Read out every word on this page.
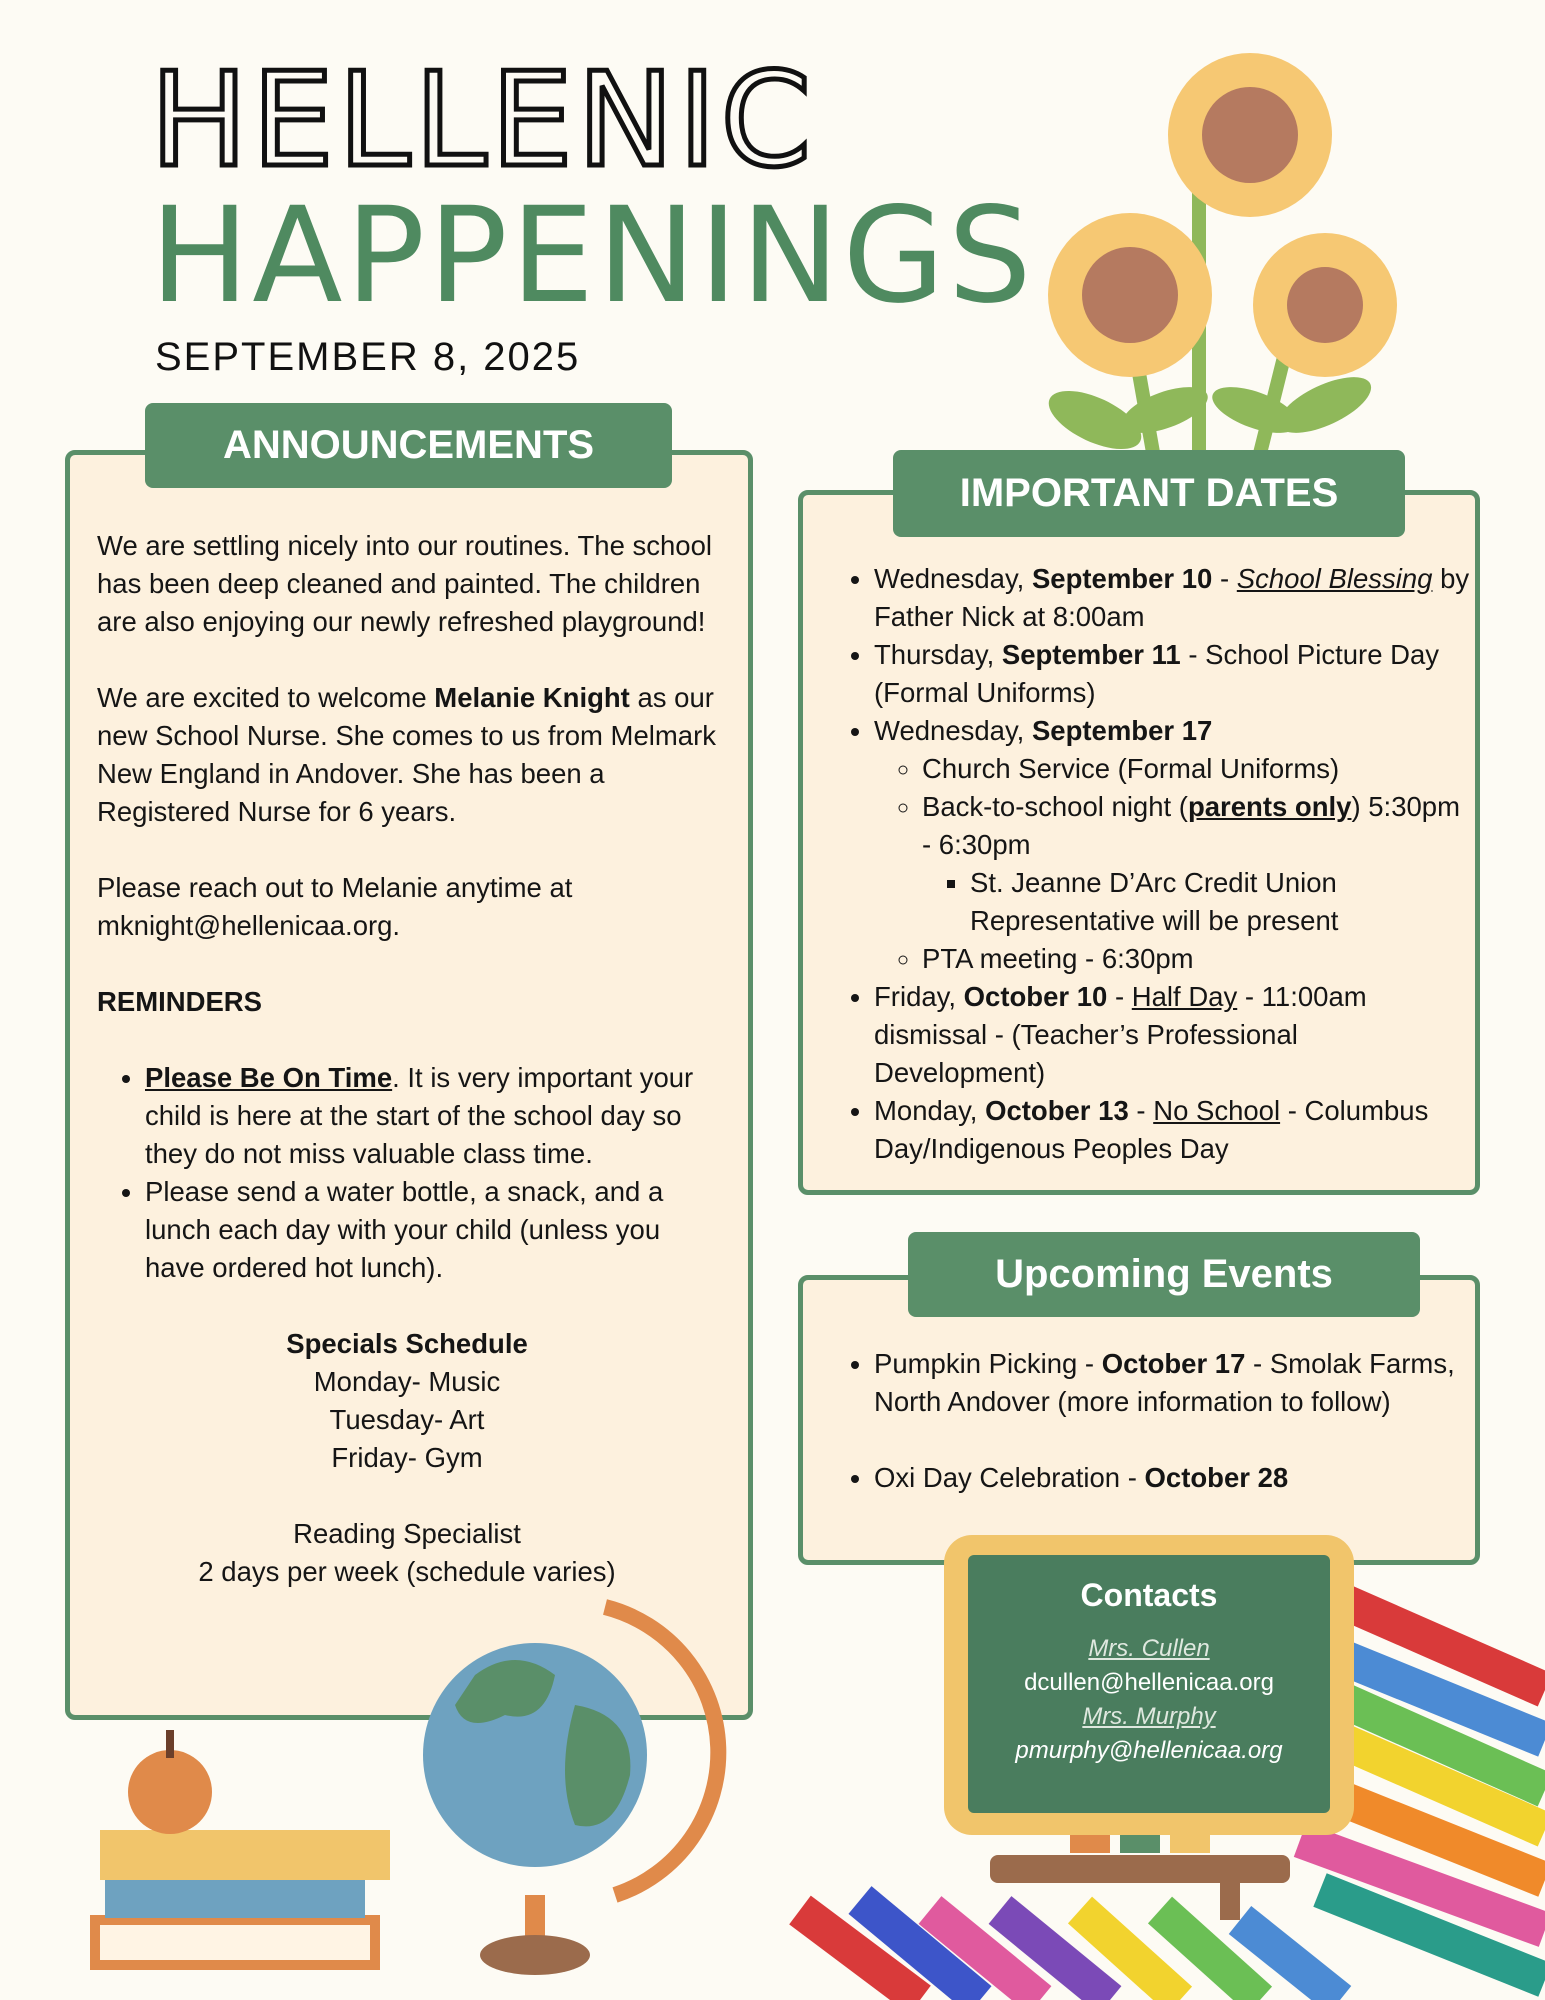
HELLENIC
HAPPENINGS
SEPTEMBER 8, 2025
ANNOUNCEMENTS

We are settling nicely into our routines. The school has been deep cleaned and painted. The children are also enjoying our newly refreshed playground!

We are excited to welcome Melanie Knight as our new School Nurse. She comes to us from Melmark New England in Andover. She has been a Registered Nurse for 6 years.

Please reach out to Melanie anytime at mknight@hellenicaa.org.

REMINDERS
• Please Be On Time. It is very important your child is here at the start of the school day so they do not miss valuable class time.
• Please send a water bottle, a snack, and a lunch each day with your child (unless you have ordered hot lunch).
Specials Schedule
Monday- Music
Tuesday- Art
Friday- Gym
Reading Specialist
2 days per week (schedule varies)
IMPORTANT DATES
• Wednesday, September 10 - School Blessing by Father Nick at 8:00am
• Thursday, September 11 - School Picture Day (Formal Uniforms)
• Wednesday, September 17
◦ Church Service (Formal Uniforms)
◦ Back-to-school night (parents only) 5:30pm - 6:30pm
▪ St. Jeanne D’Arc Credit Union Representative will be present
◦ PTA meeting - 6:30pm
• Friday, October 10 - Half Day - 11:00am dismissal - (Teacher’s Professional Development)
• Monday, October 13 - No School - Columbus Day/Indigenous Peoples Day
Upcoming Events
• Pumpkin Picking - October 17 - Smolak Farms, North Andover (more information to follow)
• Oxi Day Celebration - October 28
Contacts
Mrs. Cullen
dcullen@hellenicaa.org
Mrs. Murphy
pmurphy@hellenicaa.org
